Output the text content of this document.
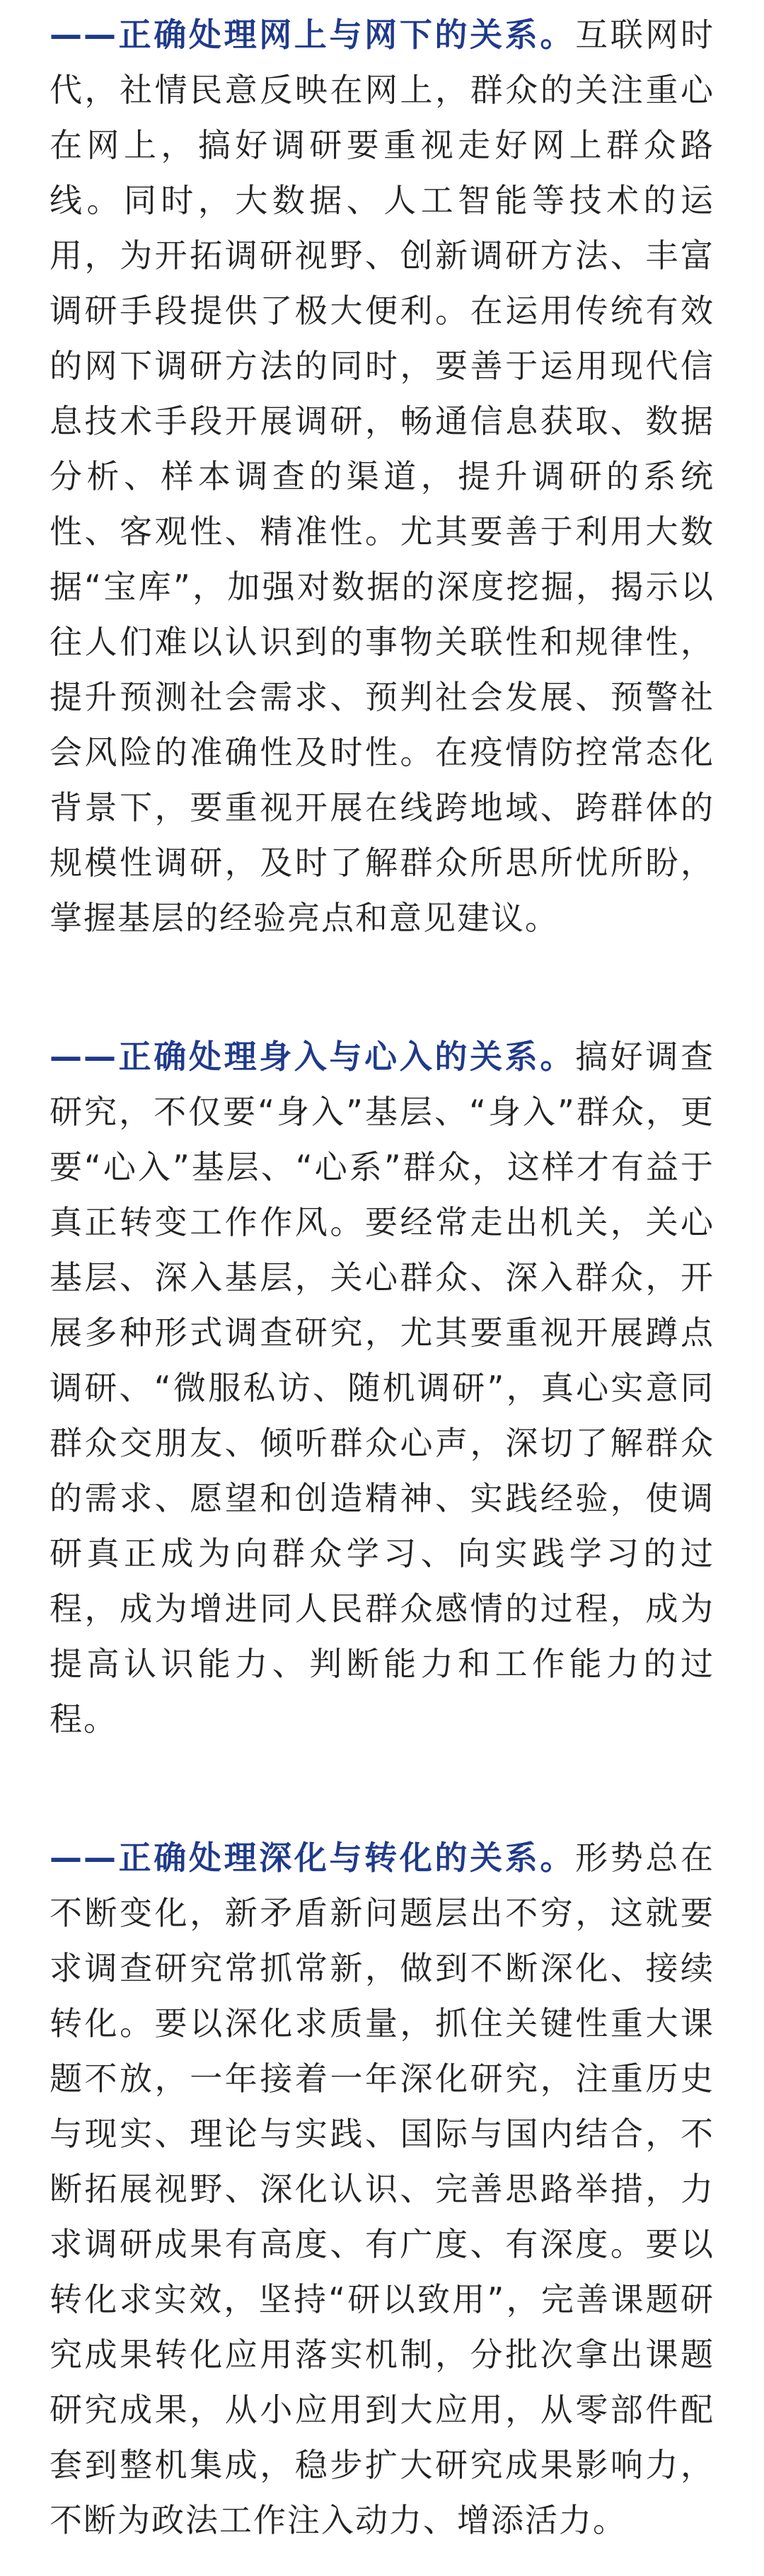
——正确处理网上与网下的关系。互联网时代，社情民意反映在网上，群众的关注重心在网上，搞好调研要重视走好网上群众路线。同时，大数据、人工智能等技术的运用，为开拓调研视野、创新调研方法、丰富调研手段提供了极大便利。在运用传统有效的网下调研方法的同时，要善于运用现代信息技术手段开展调研，畅通信息获取、数据分析、样本调查的渠道，提升调研的系统性、客观性、精准性。尤其要善于利用大数据“宝库”，加强对数据的深度挖掘，揭示以往人们难以认识到的事物关联性和规律性，提升预测社会需求、预判社会发展、预警社会风险的准确性及时性。在疫情防控常态化背景下，要重视开展在线跨地域、跨群体的规模性调研，及时了解群众所思所忧所盼，掌握基层的经验亮点和意见建议。

——正确处理身入与心入的关系。搞好调查研究，不仅要“身入”基层、“身入”群众，更要“心入”基层、“心系”群众，这样才有益于真正转变工作作风。要经常走出机关，关心基层、深入基层，关心群众、深入群众，开展多种形式调查研究，尤其要重视开展蹲点调研、“微服私访、随机调研”，真心实意同群众交朋友、倾听群众心声，深切了解群众的需求、愿望和创造精神、实践经验，使调研真正成为向群众学习、向实践学习的过程，成为增进同人民群众感情的过程，成为提高认识能力、判断能力和工作能力的过程。

——正确处理深化与转化的关系。形势总在不断变化，新矛盾新问题层出不穷，这就要求调查研究常抓常新，做到不断深化、接续转化。要以深化求质量，抓住关键性重大课题不放，一年接着一年深化研究，注重历史与现实、理论与实践、国际与国内结合，不断拓展视野、深化认识、完善思路举措，力求调研成果有高度、有广度、有深度。要以转化求实效，坚持“研以致用”，完善课题研究成果转化应用落实机制，分批次拿出课题研究成果，从小应用到大应用，从零部件配套到整机集成，稳步扩大研究成果影响力，不断为政法工作注入动力、增添活力。
